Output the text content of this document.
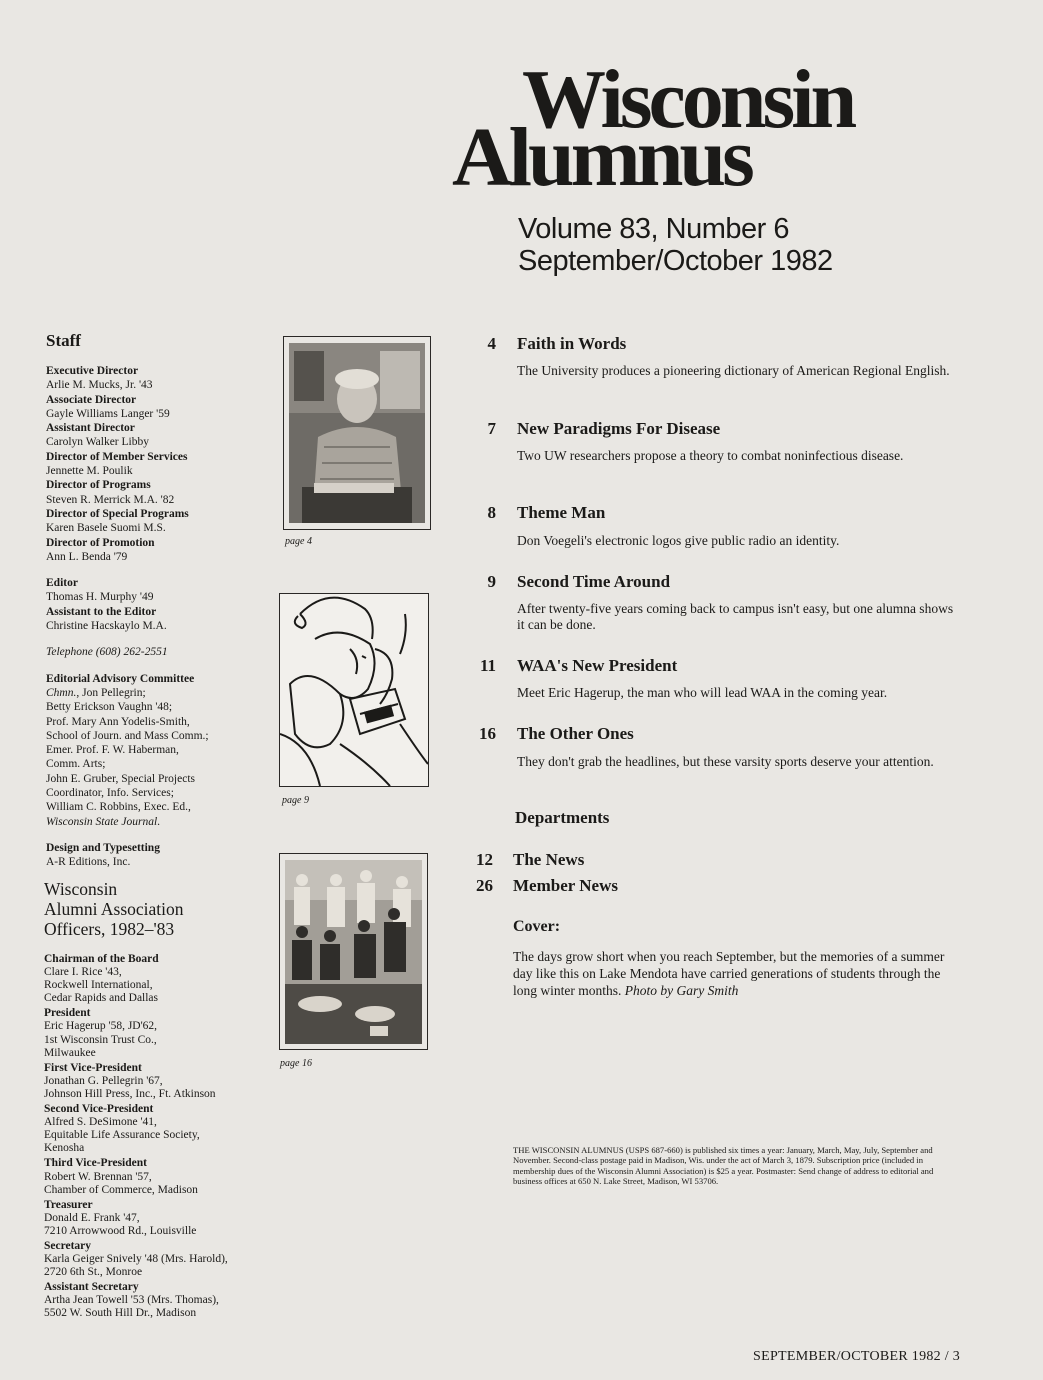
Wisconsin
Alumnus
Volume 83, Number 6
September/October 1982
Staff
Executive Director
Arlie M. Mucks, Jr. '43
Associate Director
Gayle Williams Langer '59
Assistant Director
Carolyn Walker Libby
Director of Member Services
Jennette M. Poulik
Director of Programs
Steven R. Merrick M.A. '82
Director of Special Programs
Karen Basele Suomi M.S.
Director of Promotion
Ann L. Benda '79
Editor
Thomas H. Murphy '49
Assistant to the Editor
Christine Hacskaylo M.A.
Telephone (608) 262-2551
Editorial Advisory Committee
Chmn., Jon Pellegrin;
Betty Erickson Vaughn '48;
Prof. Mary Ann Yodelis-Smith,
School of Journ. and Mass Comm.;
Emer. Prof. F. W. Haberman,
Comm. Arts;
John E. Gruber, Special Projects
Coordinator, Info. Services;
William C. Robbins, Exec. Ed.,
Wisconsin State Journal.
Design and Typesetting
A-R Editions, Inc.
Wisconsin
Alumni Association
Officers, 1982–'83
Chairman of the Board
Clare I. Rice '43,
Rockwell International,
Cedar Rapids and Dallas
President
Eric Hagerup '58, JD'62,
1st Wisconsin Trust Co.,
Milwaukee
First Vice-President
Jonathan G. Pellegrin '67,
Johnson Hill Press, Inc., Ft. Atkinson
Second Vice-President
Alfred S. DeSimone '41,
Equitable Life Assurance Society,
Kenosha
Third Vice-President
Robert W. Brennan '57,
Chamber of Commerce, Madison
Treasurer
Donald E. Frank '47,
7210 Arrowwood Rd., Louisville
Secretary
Karla Geiger Snively '48 (Mrs. Harold),
2720 6th St., Monroe
Assistant Secretary
Artha Jean Towell '53 (Mrs. Thomas),
5502 W. South Hill Dr., Madison
page 4
page 9
page 16
4 Faith in Words
The University produces a pioneering dictionary of American Regional English.
7 New Paradigms For Disease
Two UW researchers propose a theory to combat noninfectious disease.
8 Theme Man
Don Voegeli's electronic logos give public radio an identity.
9 Second Time Around
After twenty-five years coming back to campus isn't easy, but one alumna shows it can be done.
11 WAA's New President
Meet Eric Hagerup, the man who will lead WAA in the coming year.
16 The Other Ones
They don't grab the headlines, but these varsity sports deserve your attention.
Departments
12 The News
26 Member News
Cover:
The days grow short when you reach September, but the memories of a summer day like this on Lake Mendota have carried generations of students through the long winter months. Photo by Gary Smith
THE WISCONSIN ALUMNUS (USPS 687-660) is published six times a year: January, March, May, July, September and November. Second-class postage paid in Madison, Wis. under the act of March 3, 1879. Subscription price (included in membership dues of the Wisconsin Alumni Association) is $25 a year. Postmaster: Send change of address to editorial and business offices at 650 N. Lake Street, Madison, WI 53706.
SEPTEMBER/OCTOBER 1982 / 3
